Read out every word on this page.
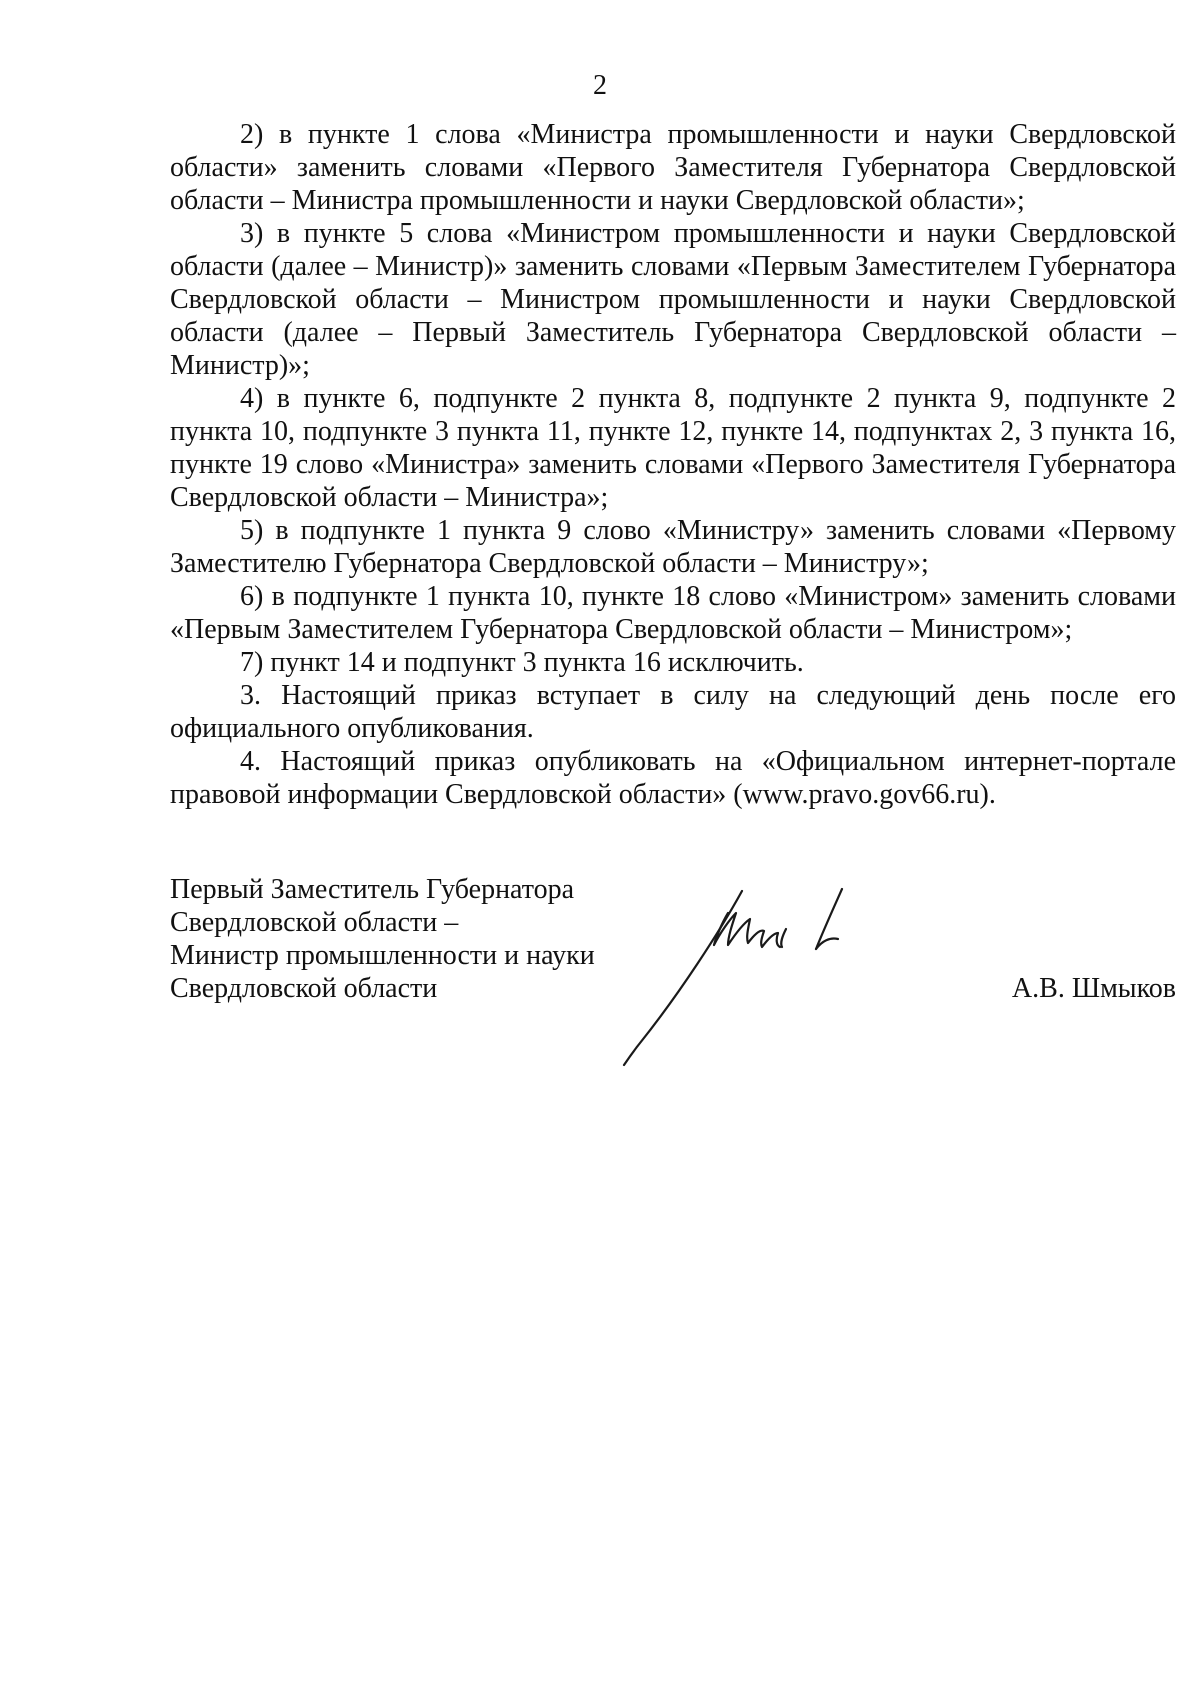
2

2) в пункте 1 слова «Министра промышленности и науки Свердловской области» заменить словами «Первого Заместителя Губернатора Свердловской области – Министра промышленности и науки Свердловской области»;

3) в пункте 5 слова «Министром промышленности и науки Свердловской области (далее – Министр)» заменить словами «Первым Заместителем Губернатора Свердловской области – Министром промышленности и науки Свердловской области (далее – Первый Заместитель Губернатора Свердловской области – Министр)»;

4) в пункте 6, подпункте 2 пункта 8, подпункте 2 пункта 9, подпункте 2 пункта 10, подпункте 3 пункта 11, пункте 12, пункте 14, подпунктах 2, 3 пункта 16, пункте 19 слово «Министра» заменить словами «Первого Заместителя Губернатора Свердловской области – Министра»;

5) в подпункте 1 пункта 9 слово «Министру» заменить словами «Первому Заместителю Губернатора Свердловской области – Министру»;

6) в подпункте 1 пункта 10, пункте 18 слово «Министром» заменить словами «Первым Заместителем Губернатора Свердловской области – Министром»;

7) пункт 14 и подпункт 3 пункта 16 исключить.

3. Настоящий приказ вступает в силу на следующий день после его официального опубликования.

4. Настоящий приказ опубликовать на «Официальном интернет-портале правовой информации Свердловской области» (www.pravo.gov66.ru).

Первый Заместитель Губернатора
Свердловской области –
Министр промышленности и науки
Свердловской области	А.В. Шмыков
